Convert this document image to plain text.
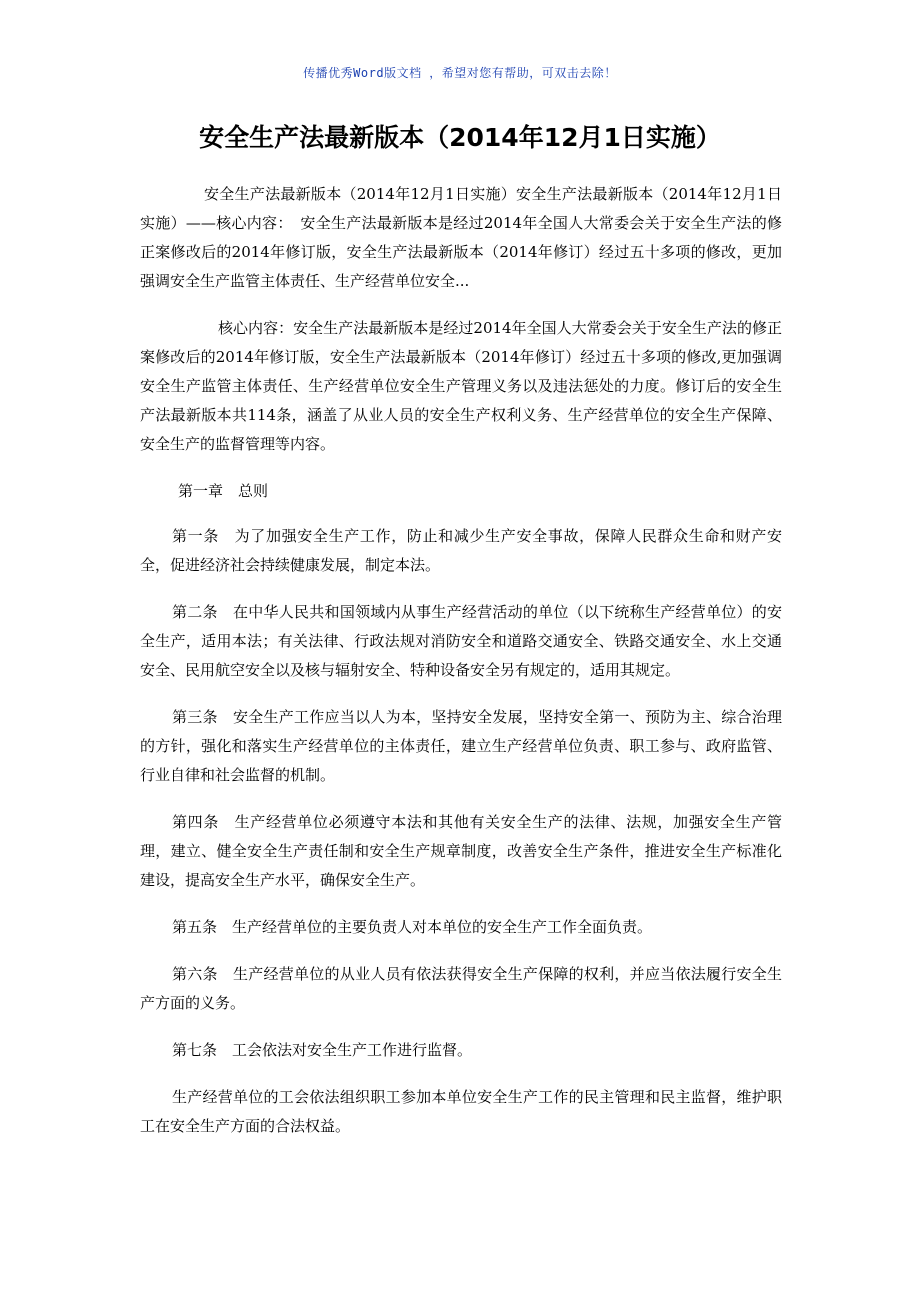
传播优秀Word版文档 ，希望对您有帮助，可双击去除！
安全生产法最新版本（2014年12月1日实施）

安全生产法最新版本（2014年12月1日实施）安全生产法最新版本（2014年12月1日实施）——核心内容：　安全生产法最新版本是经过2014年全国人大常委会关于安全生产法的修正案修改后的2014年修订版，安全生产法最新版本（2014年修订）经过五十多项的修改，更加强调安全生产监管主体责任、生产经营单位安全...

核心内容：安全生产法最新版本是经过2014年全国人大常委会关于安全生产法的修正案修改后的2014年修订版，安全生产法最新版本（2014年修订）经过五十多项的修改,更加强调安全生产监管主体责任、生产经营单位安全生产管理义务以及违法惩处的力度。修订后的安全生产法最新版本共114条，涵盖了从业人员的安全生产权利义务、生产经营单位的安全生产保障、安全生产的监督管理等内容。

第一章　总则

第一条　为了加强安全生产工作，防止和减少生产安全事故，保障人民群众生命和财产安全，促进经济社会持续健康发展，制定本法。

第二条　在中华人民共和国领域内从事生产经营活动的单位（以下统称生产经营单位）的安全生产，适用本法；有关法律、行政法规对消防安全和道路交通安全、铁路交通安全、水上交通安全、民用航空安全以及核与辐射安全、特种设备安全另有规定的，适用其规定。

第三条　安全生产工作应当以人为本，坚持安全发展，坚持安全第一、预防为主、综合治理的方针，强化和落实生产经营单位的主体责任，建立生产经营单位负责、职工参与、政府监管、行业自律和社会监督的机制。

第四条　生产经营单位必须遵守本法和其他有关安全生产的法律、法规，加强安全生产管理，建立、健全安全生产责任制和安全生产规章制度，改善安全生产条件，推进安全生产标准化建设，提高安全生产水平，确保安全生产。

第五条　生产经营单位的主要负责人对本单位的安全生产工作全面负责。

第六条　生产经营单位的从业人员有依法获得安全生产保障的权利，并应当依法履行安全生产方面的义务。

第七条　工会依法对安全生产工作进行监督。

生产经营单位的工会依法组织职工参加本单位安全生产工作的民主管理和民主监督，维护职工在安全生产方面的合法权益。
